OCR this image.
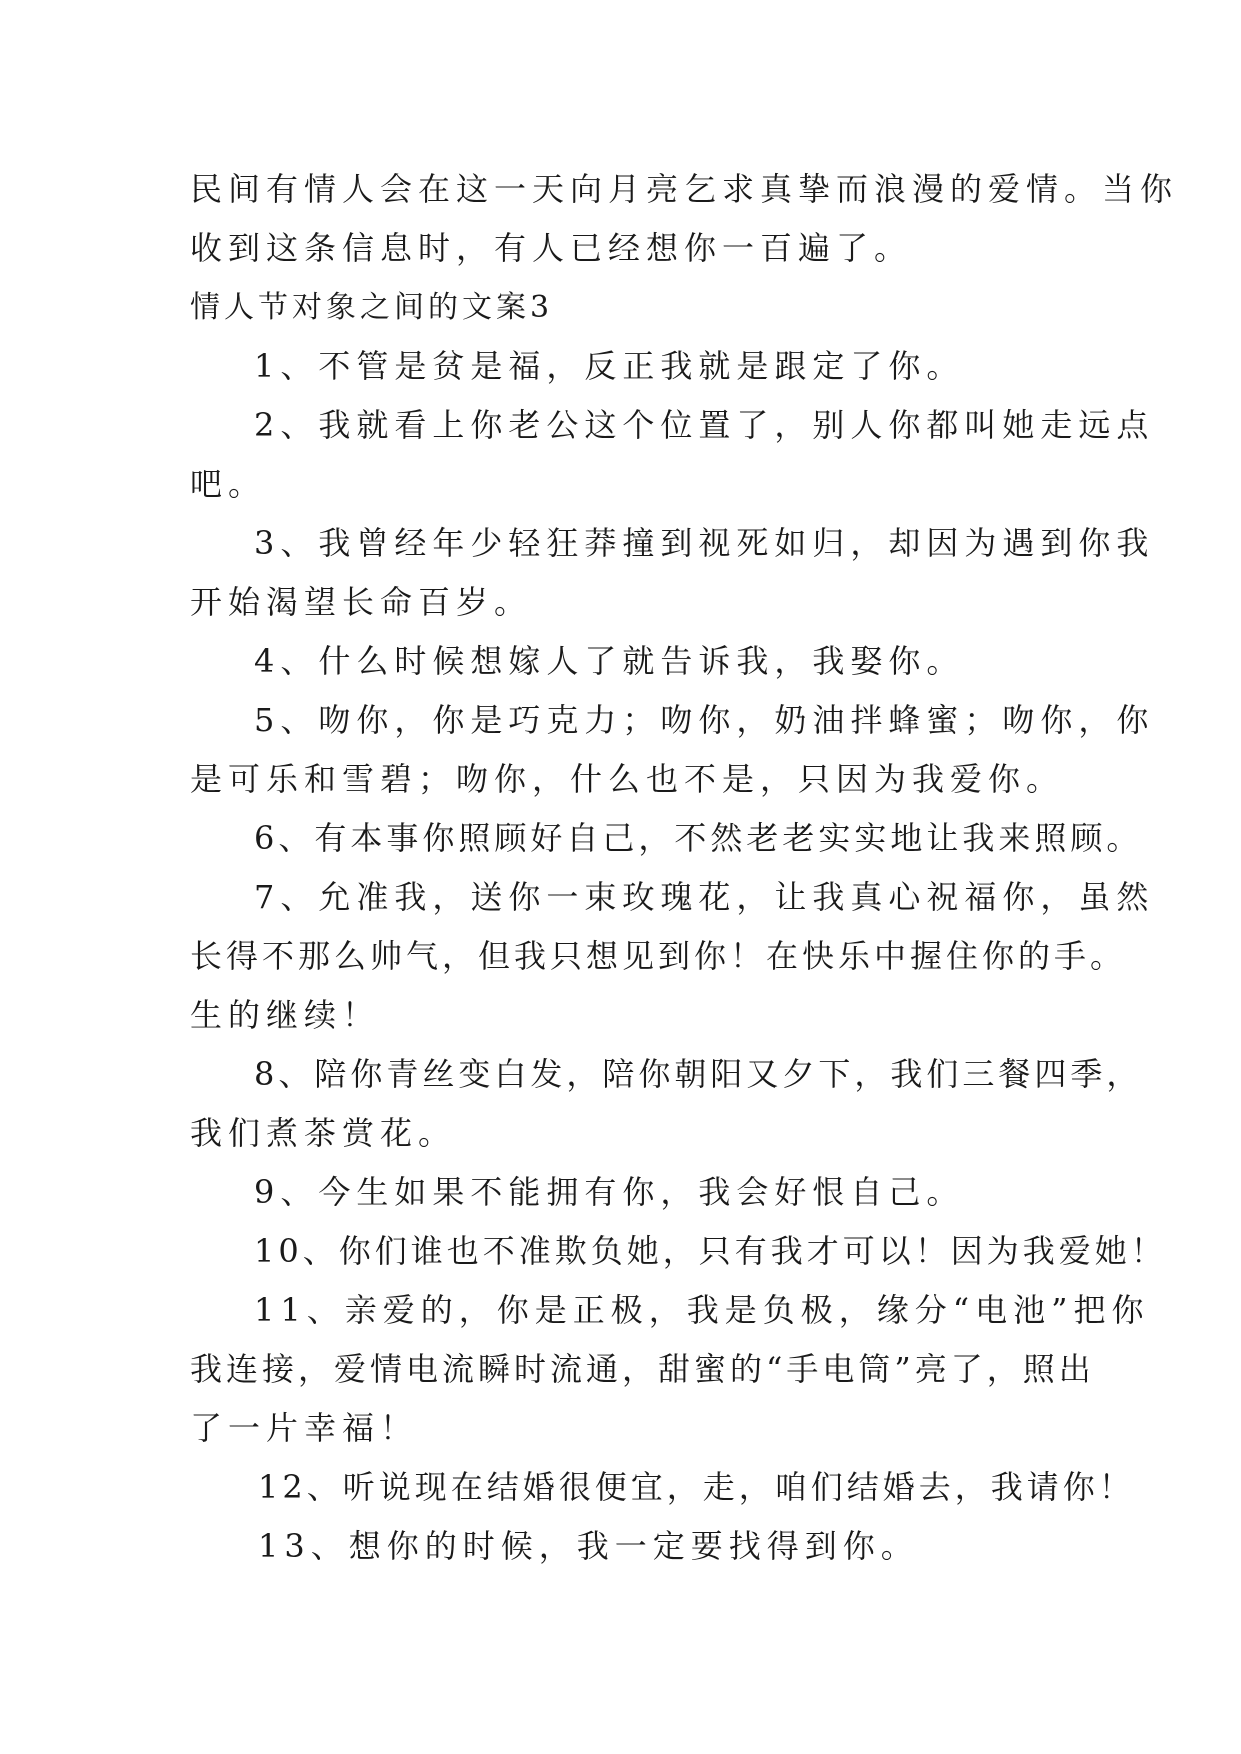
民间有情人会在这一天向月亮乞求真挚而浪漫的爱情。当你
收到这条信息时，有人已经想你一百遍了。
情人节对象之间的文案3
1、不管是贫是福，反正我就是跟定了你。
2、我就看上你老公这个位置了，别人你都叫她走远点
吧。
3、我曾经年少轻狂莽撞到视死如归，却因为遇到你我
开始渴望长命百岁。
4、什么时候想嫁人了就告诉我，我娶你。
5、吻你，你是巧克力；吻你，奶油拌蜂蜜；吻你，你
是可乐和雪碧；吻你，什么也不是，只因为我爱你。
6、有本事你照顾好自己，不然老老实实地让我来照顾。
7、允准我，送你一束玫瑰花，让我真心祝福你，虽然
长得不那么帅气，但我只想见到你！在快乐中握住你的手。
生的继续！
8、陪你青丝变白发，陪你朝阳又夕下，我们三餐四季，
我们煮茶赏花。
9、今生如果不能拥有你，我会好恨自己。
10、你们谁也不准欺负她，只有我才可以！因为我爱她！
11、亲爱的，你是正极，我是负极，缘分“电池”把你
我连接，爱情电流瞬时流通，甜蜜的“手电筒”亮了，照出
了一片幸福！
12、听说现在结婚很便宜，走，咱们结婚去，我请你！
13、想你的时候，我一定要找得到你。
